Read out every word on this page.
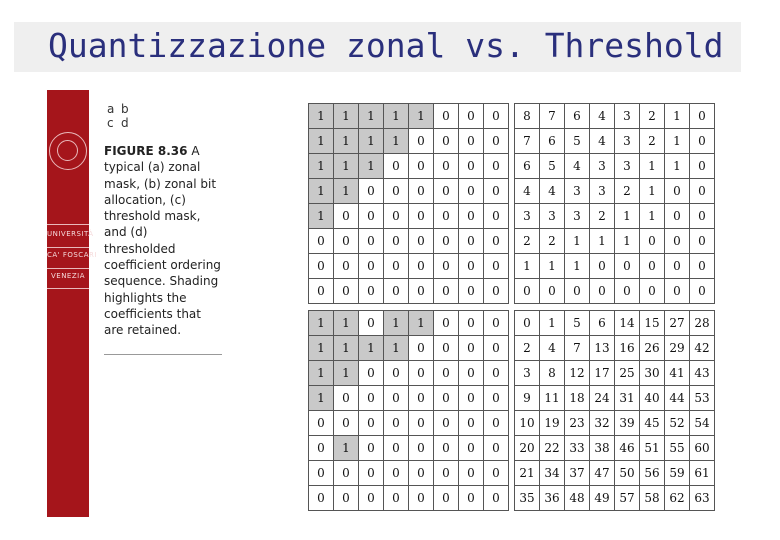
Quantizzazione zonal vs. Threshold
UNIVERSITÀ
CA' FOSCARI
VENEZIA
a b
c d
FIGURE 8.36 A typical (a) zonal mask, (b) zonal bit allocation, (c) threshold mask, and (d) thresholded coefficient ordering sequence. Shading highlights the coefficients that are retained.
1	1	1	1	1	0	0	0
1	1	1	1	0	0	0	0
1	1	1	0	0	0	0	0
1	1	0	0	0	0	0	0
1	0	0	0	0	0	0	0
0	0	0	0	0	0	0	0
0	0	0	0	0	0	0	0
0	0	0	0	0	0	0	0
8	7	6	4	3	2	1	0
7	6	5	4	3	2	1	0
6	5	4	3	3	1	1	0
4	4	3	3	2	1	0	0
3	3	3	2	1	1	0	0
2	2	1	1	1	0	0	0
1	1	1	0	0	0	0	0
0	0	0	0	0	0	0	0
1	1	0	1	1	0	0	0
1	1	1	1	0	0	0	0
1	1	0	0	0	0	0	0
1	0	0	0	0	0	0	0
0	0	0	0	0	0	0	0
0	1	0	0	0	0	0	0
0	0	0	0	0	0	0	0
0	0	0	0	0	0	0	0
0	1	5	6	14	15	27	28
2	4	7	13	16	26	29	42
3	8	12	17	25	30	41	43
9	11	18	24	31	40	44	53
10	19	23	32	39	45	52	54
20	22	33	38	46	51	55	60
21	34	37	47	50	56	59	61
35	36	48	49	57	58	62	63
